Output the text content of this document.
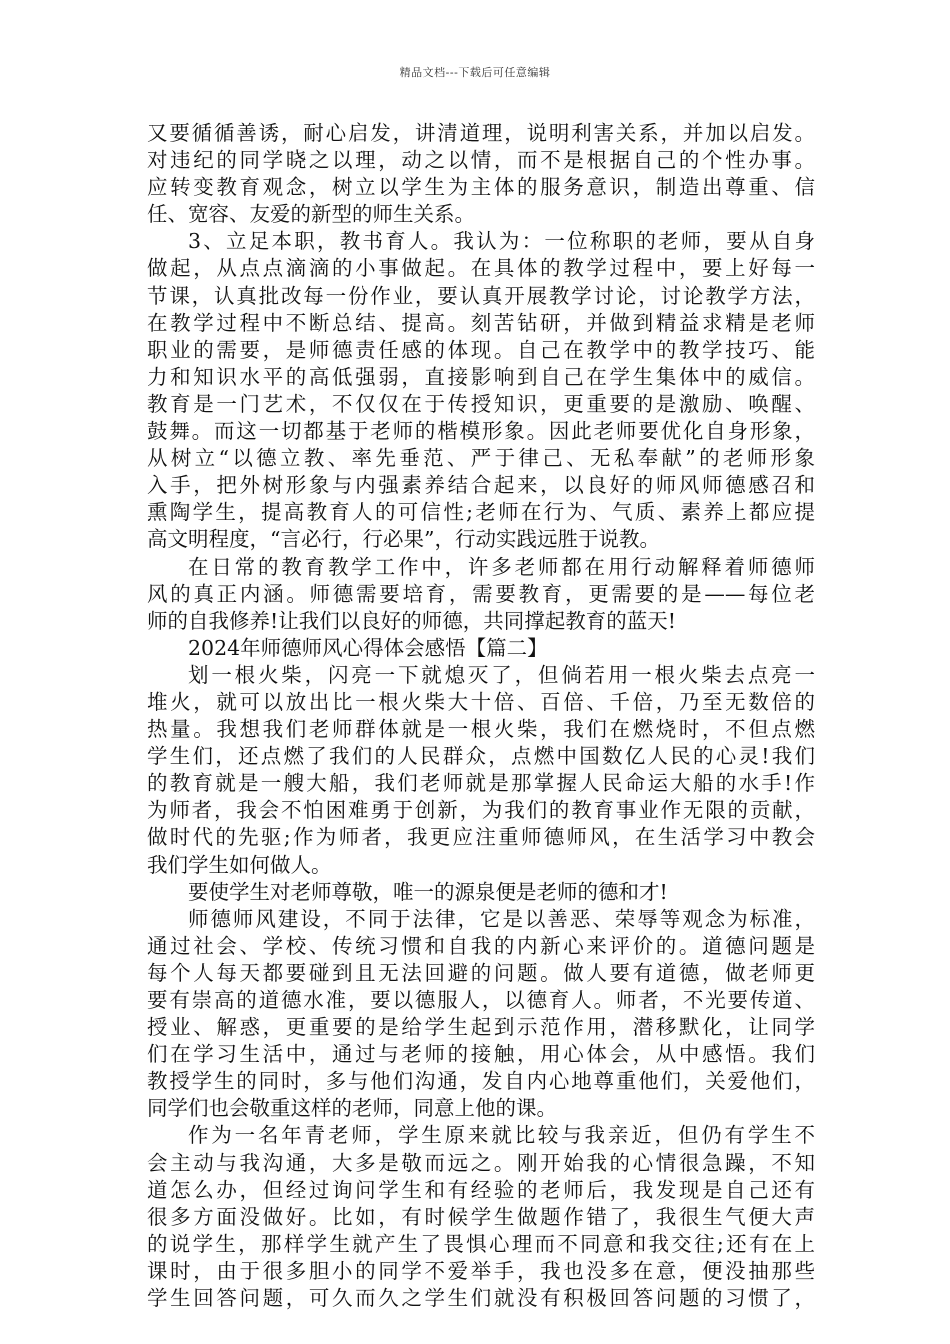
精品文档---下载后可任意编辑
又要循循善诱，耐心启发，讲清道理，说明利害关系，并加以启发。
对违纪的同学晓之以理，动之以情，而不是根据自己的个性办事。
应转变教育观念，树立以学生为主体的服务意识，制造出尊重、信
任、宽容、友爱的新型的师生关系。
3、立足本职，教书育人。我认为：一位称职的老师，要从自身
做起，从点点滴滴的小事做起。在具体的教学过程中，要上好每一
节课，认真批改每一份作业，要认真开展教学讨论，讨论教学方法，
在教学过程中不断总结、提高。刻苦钻研，并做到精益求精是老师
职业的需要，是师德责任感的体现。自己在教学中的教学技巧、能
力和知识水平的高低强弱，直接影响到自己在学生集体中的威信。
教育是一门艺术，不仅仅在于传授知识，更重要的是激励、唤醒、
鼓舞。而这一切都基于老师的楷模形象。因此老师要优化自身形象，
从树立“以德立教、率先垂范、严于律己、无私奉献”的老师形象
入手，把外树形象与内强素养结合起来，以良好的师风师德感召和
熏陶学生，提高教育人的可信性;老师在行为、气质、素养上都应提
高文明程度，“言必行，行必果”，行动实践远胜于说教。
在日常的教育教学工作中，许多老师都在用行动解释着师德师
风的真正内涵。师德需要培育，需要教育，更需要的是——每位老
师的自我修养!让我们以良好的师德，共同撑起教育的蓝天!
2024年师德师风心得体会感悟【篇二】
划一根火柴，闪亮一下就熄灭了，但倘若用一根火柴去点亮一
堆火，就可以放出比一根火柴大十倍、百倍、千倍，乃至无数倍的
热量。我想我们老师群体就是一根火柴，我们在燃烧时，不但点燃
学生们，还点燃了我们的人民群众，点燃中国数亿人民的心灵!我们
的教育就是一艘大船，我们老师就是那掌握人民命运大船的水手!作
为师者，我会不怕困难勇于创新，为我们的教育事业作无限的贡献，
做时代的先驱;作为师者，我更应注重师德师风，在生活学习中教会
我们学生如何做人。
要使学生对老师尊敬，唯一的源泉便是老师的德和才!
师德师风建设，不同于法律，它是以善恶、荣辱等观念为标准，
通过社会、学校、传统习惯和自我的内新心来评价的。道德问题是
每个人每天都要碰到且无法回避的问题。做人要有道德，做老师更
要有崇高的道德水准，要以德服人，以德育人。师者，不光要传道、
授业、解惑，更重要的是给学生起到示范作用，潜移默化，让同学
们在学习生活中，通过与老师的接触，用心体会，从中感悟。我们
教授学生的同时，多与他们沟通，发自内心地尊重他们，关爱他们，
同学们也会敬重这样的老师，同意上他的课。
作为一名年青老师，学生原来就比较与我亲近，但仍有学生不
会主动与我沟通，大多是敬而远之。刚开始我的心情很急躁，不知
道怎么办，但经过询问学生和有经验的老师后，我发现是自己还有
很多方面没做好。比如，有时候学生做题作错了，我很生气便大声
的说学生，那样学生就产生了畏惧心理而不同意和我交往;还有在上
课时，由于很多胆小的同学不爱举手，我也没多在意，便没抽那些
学生回答问题，可久而久之学生们就没有积极回答问题的习惯了，
